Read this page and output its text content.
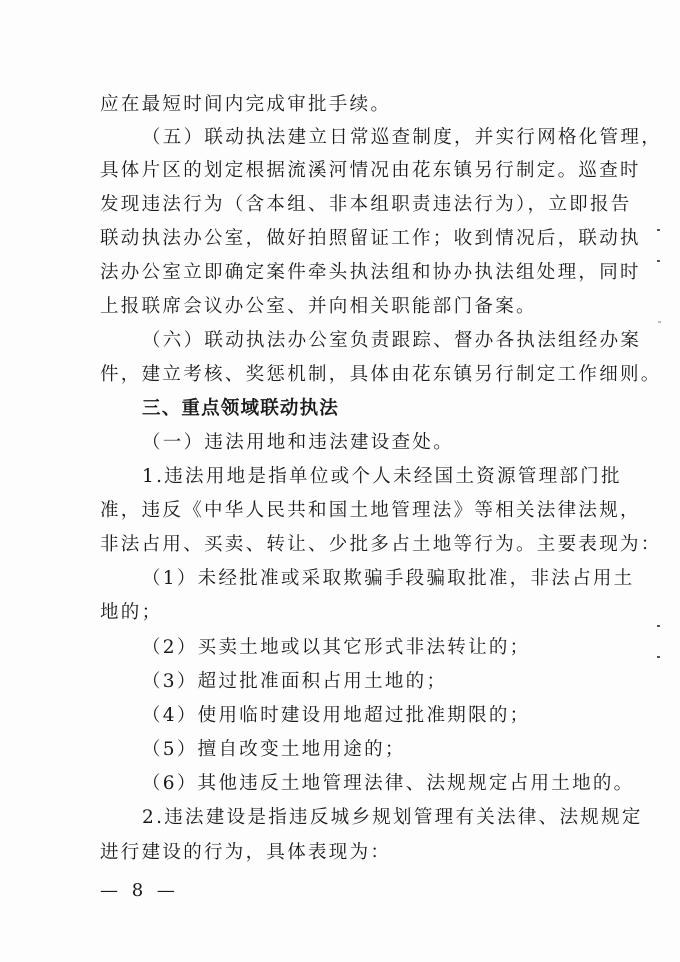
应在最短时间内完成审批手续。
（五）联动执法建立日常巡查制度，并实行网格化管理，
具体片区的划定根据流溪河情况由花东镇另行制定。巡查时
发现违法行为（含本组、非本组职责违法行为），立即报告
联动执法办公室，做好拍照留证工作；收到情况后，联动执
法办公室立即确定案件牵头执法组和协办执法组处理，同时
上报联席会议办公室、并向相关职能部门备案。
（六）联动执法办公室负责跟踪、督办各执法组经办案
件，建立考核、奖惩机制，具体由花东镇另行制定工作细则。
三、重点领域联动执法
（一）违法用地和违法建设查处。
1.违法用地是指单位或个人未经国土资源管理部门批
准，违反《中华人民共和国土地管理法》等相关法律法规，
非法占用、买卖、转让、少批多占土地等行为。主要表现为：
（1）未经批准或采取欺骗手段骗取批准，非法占用土
地的；
（2）买卖土地或以其它形式非法转让的；
（3）超过批准面积占用土地的；
（4）使用临时建设用地超过批准期限的；
（5）擅自改变土地用途的；
（6）其他违反土地管理法律、法规规定占用土地的。
2.违法建设是指违反城乡规划管理有关法律、法规规定
进行建设的行为，具体表现为：
— 8 —
